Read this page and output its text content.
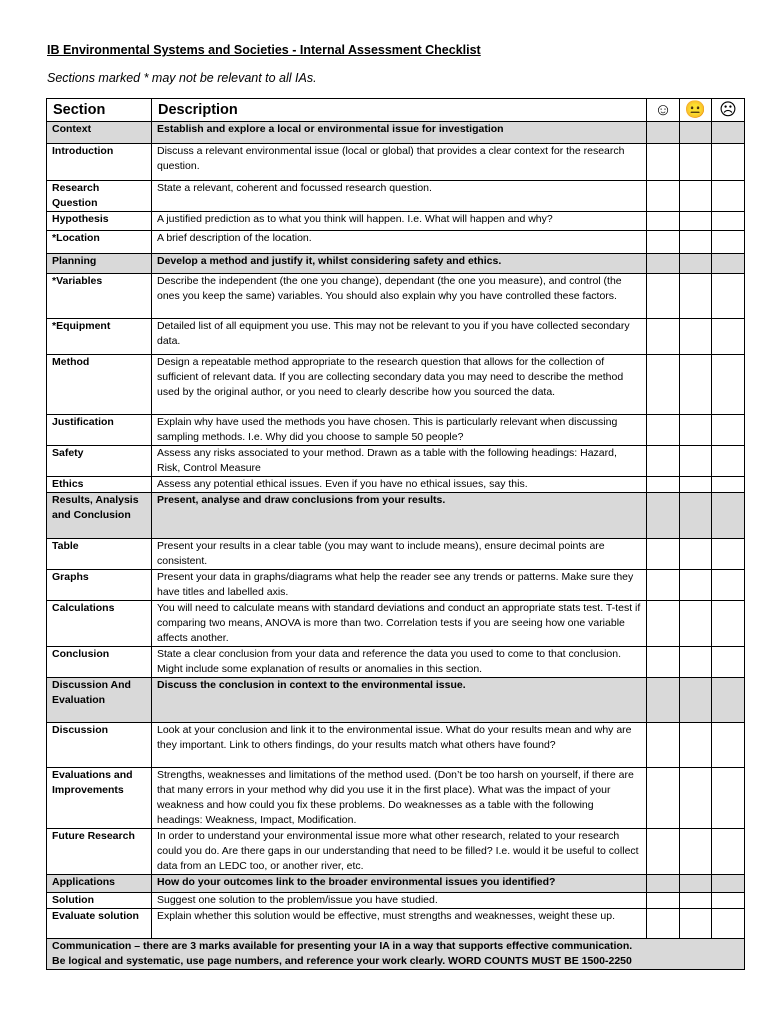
IB Environmental Systems and Societies - Internal Assessment Checklist
Sections marked * may not be relevant to all IAs.
Section	Description	☺	😐	☹
Context	Establish and explore a local or environmental issue for investigation			
Introduction	Discuss a relevant environmental issue (local or global) that provides a clear context for the research question.			
Research Question	State a relevant, coherent and focussed research question.			
Hypothesis	A justified prediction as to what you think will happen. I.e. What will happen and why?			
*Location	A brief description of the location.			
Planning	Develop a method and justify it, whilst considering safety and ethics.			
*Variables	Describe the independent (the one you change), dependant (the one you measure), and control (the ones you keep the same) variables. You should also explain why you have controlled these factors.			
*Equipment	Detailed list of all equipment you use. This may not be relevant to you if you have collected secondary data.			
Method	Design a repeatable method appropriate to the research question that allows for the collection of sufficient of relevant data. If you are collecting secondary data you may need to describe the method used by the original author, or you need to clearly describe how you sourced the data.			
Justification	Explain why have used the methods you have chosen. This is particularly relevant when discussing sampling methods. I.e. Why did you choose to sample 50 people?			
Safety	Assess any risks associated to your method. Drawn as a table with the following headings: Hazard, Risk, Control Measure			
Ethics	Assess any potential ethical issues. Even if you have no ethical issues, say this.			
Results, Analysis and Conclusion	Present, analyse and draw conclusions from your results.			
Table	Present your results in a clear table (you may want to include means), ensure decimal points are consistent.			
Graphs	Present your data in graphs/diagrams what help the reader see any trends or patterns. Make sure they have titles and labelled axis.			
Calculations	You will need to calculate means with standard deviations and conduct an appropriate stats test. T-test if comparing two means, ANOVA is more than two. Correlation tests if you are seeing how one variable affects another.			
Conclusion	State a clear conclusion from your data and reference the data you used to come to that conclusion. Might include some explanation of results or anomalies in this section.			
Discussion And Evaluation	Discuss the conclusion in context to the environmental issue.			
Discussion	Look at your conclusion and link it to the environmental issue. What do your results mean and why are they important. Link to others findings, do your results match what others have found?			
Evaluations and Improvements	Strengths, weaknesses and limitations of the method used. (Don’t be too harsh on yourself, if there are that many errors in your method why did you use it in the first place). What was the impact of your weakness and how could you fix these problems. Do weaknesses as a table with the following headings: Weakness, Impact, Modification.			
Future Research	In order to understand your environmental issue more what other research, related to your research could you do. Are there gaps in our understanding that need to be filled? I.e. would it be useful to collect data from an LEDC too, or another river, etc.			
Applications	How do your outcomes link to the broader environmental issues you identified?			
Solution	Suggest one solution to the problem/issue you have studied.			
Evaluate solution	Explain whether this solution would be effective, must strengths and weaknesses, weight these up.			

Communication – there are 3 marks available for presenting your IA in a way that supports effective communication.
Be logical and systematic, use page numbers, and reference your work clearly. WORD COUNTS MUST BE 1500-2250				
